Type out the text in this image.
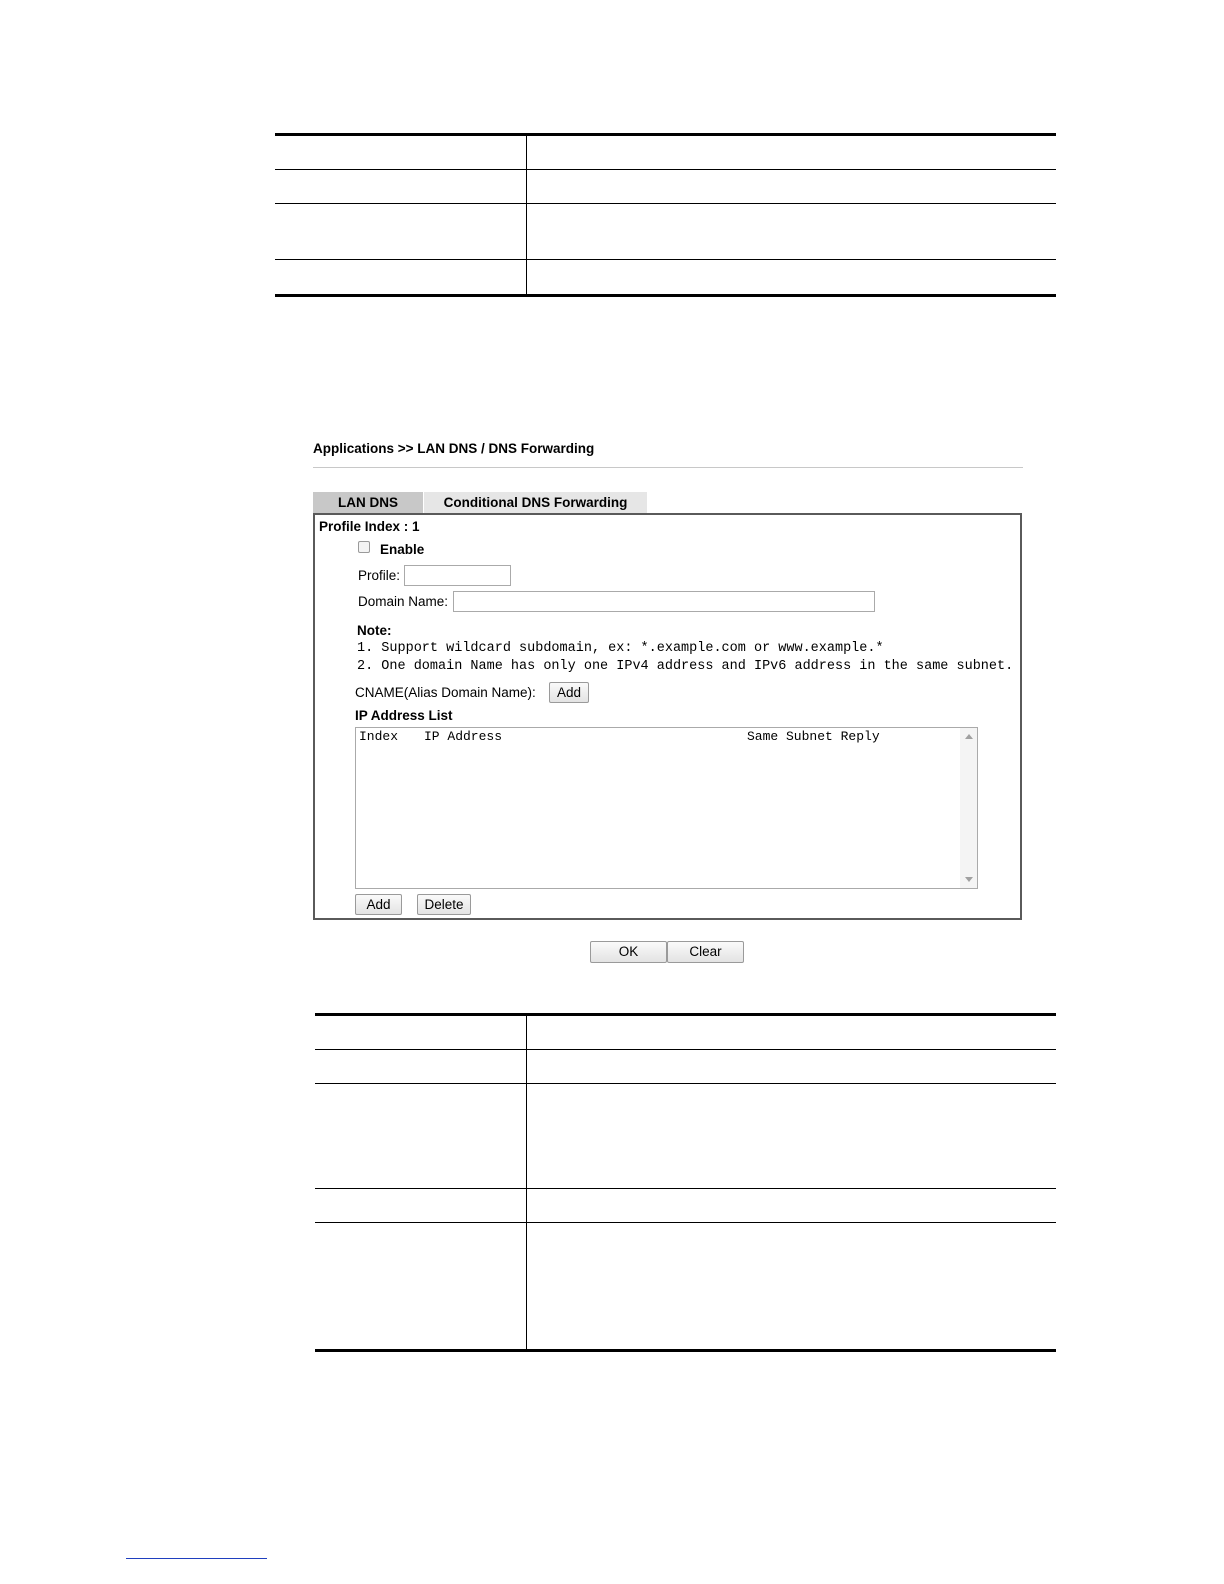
Applications >> LAN DNS / DNS Forwarding
LAN DNS	Conditional DNS Forwarding
Profile Index : 1
Enable
Profile:
Domain Name:
Note:
1. Support wildcard subdomain, ex: *.example.com or www.example.*
2. One domain Name has only one IPv4 address and IPv6 address in the same subnet.
CNAME(Alias Domain Name):	Add
IP Address List
Index IP Address	Same Subnet Reply
Add	Delete
OK	Clear
